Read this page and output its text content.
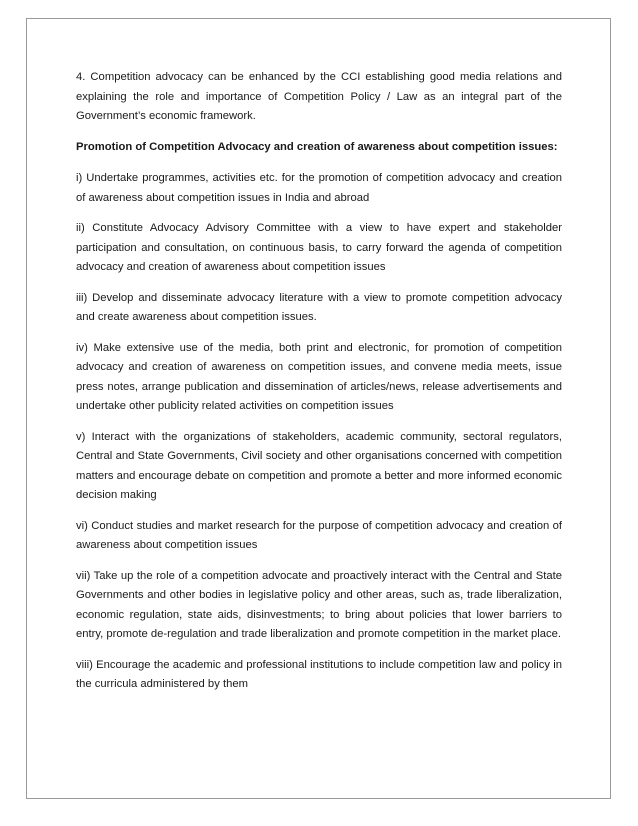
4. Competition advocacy can be enhanced by the CCI establishing good media relations and explaining the role and importance of Competition Policy / Law as an integral part of the Government’s economic framework.

Promotion of Competition Advocacy and creation of awareness about competition issues:

i) Undertake programmes, activities etc. for the promotion of competition advocacy and creation of awareness about competition issues in India and abroad

ii) Constitute Advocacy Advisory Committee with a view to have expert and stakeholder participation and consultation, on continuous basis, to carry forward the agenda of competition advocacy and creation of awareness about competition issues

iii) Develop and disseminate advocacy literature with a view to promote competition advocacy and create awareness about competition issues.

iv) Make extensive use of the media, both print and electronic, for promotion of competition advocacy and creation of awareness on competition issues, and convene media meets, issue press notes, arrange publication and dissemination of articles/news, release advertisements and undertake other publicity related activities on competition issues

v) Interact with the organizations of stakeholders, academic community, sectoral regulators, Central and State Governments, Civil society and other organisations concerned with competition matters and encourage debate on competition and promote a better and more informed economic decision making

vi) Conduct studies and market research for the purpose of competition advocacy and creation of awareness about competition issues

vii) Take up the role of a competition advocate and proactively interact with the Central and State Governments and other bodies in legislative policy and other areas, such as, trade liberalization, economic regulation, state aids, disinvestments; to bring about policies that lower barriers to entry, promote de-regulation and trade liberalization and promote competition in the market place.

viii) Encourage the academic and professional institutions to include competition law and policy in the curricula administered by them
